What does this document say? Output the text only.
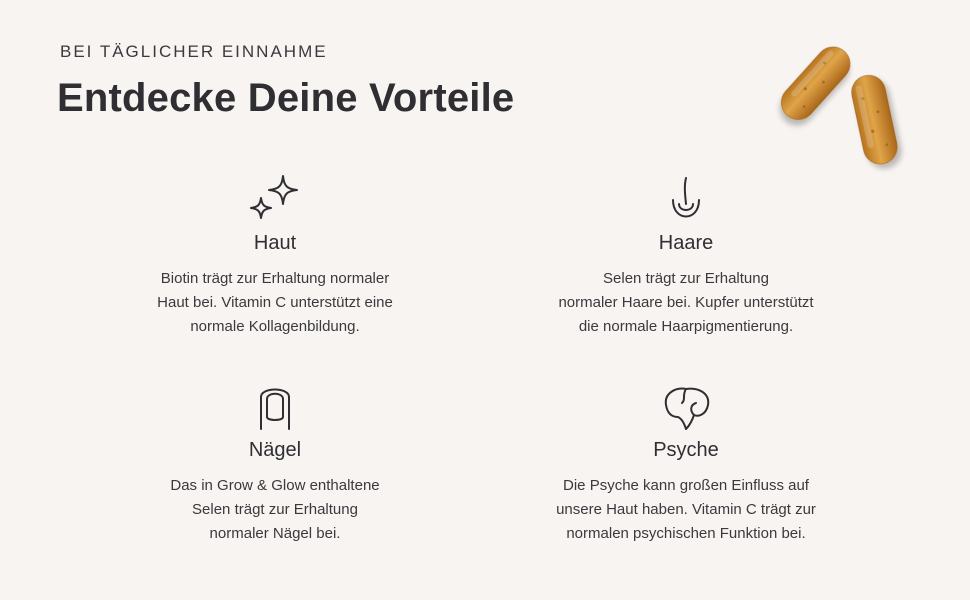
BEI TÄGLICHER EINNAHME
Entdecke Deine Vorteile
Haut
Biotin trägt zur Erhaltung normaler
Haut bei. Vitamin C unterstützt eine
normale Kollagenbildung.
Haare
Selen trägt zur Erhaltung
normaler Haare bei. Kupfer unterstützt
die normale Haarpigmentierung.
Nägel
Das in Grow & Glow enthaltene
Selen trägt zur Erhaltung
normaler Nägel bei.
Psyche
Die Psyche kann großen Einfluss auf
unsere Haut haben. Vitamin C trägt zur
normalen psychischen Funktion bei.
